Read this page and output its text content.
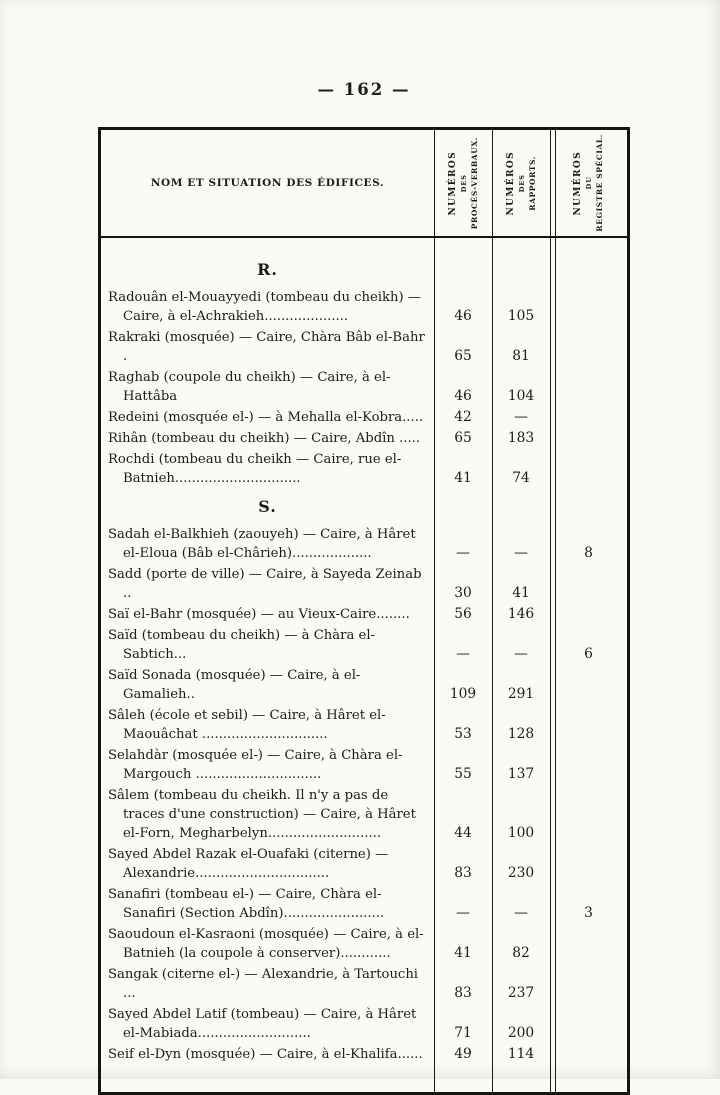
— 162 —
NOM ET SITUATION DES ÉDIFICES.	NUMÉROS DES PROCÈS-VERBAUX.	NUMÉROS DES RAPPORTS.	NUMÉROS DU REGISTRE SPÉCIAL.
R.
Radouân el-Mouayyedi (tombeau du cheikh) — Caire, à el-Achrakieh....................	46	105
Rakraki (mosquée) — Caire, Chàra Bâb el-Bahr .	65	81
Raghab (coupole du cheikh) — Caire, à el-Hattâba	46	104
Redeini (mosquée el-) — à Mehalla el-Kobra.....	42	—
Rihân (tombeau du cheikh) — Caire, Abdîn .....	65	183
Rochdi (tombeau du cheikh — Caire, rue el-Batnieh..............................	41	74
S.
Sadah el-Balkhieh (zaouyeh) — Caire, à Hâret el-Eloua (Bâb el-Chârieh)...................	—	—	8
Sadd (porte de ville) — Caire, à Sayeda Zeinab ..	30	41
Saï el-Bahr (mosquée) — au Vieux-Caire........	56	146
Saïd (tombeau du cheikh) — à Chàra el-Sabtich...	—	—	6
Saïd Sonada (mosquée) — Caire, à el-Gamalieh..	109	291
Sâleh (école et sebil) — Caire, à Hâret el-Maouâchat ..............................	53	128
Selahdàr (mosquée el-) — Caire, à Chàra el-Margouch ..............................	55	137
Sâlem (tombeau du cheikh. Il n'y a pas de traces d'une construction) — Caire, à Hâret el-Forn, Megharbelyn...........................	44	100
Sayed Abdel Razak el-Ouafaki (citerne) — Alexandrie................................	83	230
Sanafiri (tombeau el-) — Caire, Chàra el-Sanafiri (Section Abdîn)........................	—	—	3
Saoudoun el-Kasraoni (mosquée) — Caire, à el-Batnieh (la coupole à conserver)............	41	82
Sangak (citerne el-) — Alexandrie, à Tartouchi ...	83	237
Sayed Abdel Latif (tombeau) — Caire, à Hâret el-Mabiada...........................	71	200
Seif el-Dyn (mosquée) — Caire, à el-Khalifa......	49	114
